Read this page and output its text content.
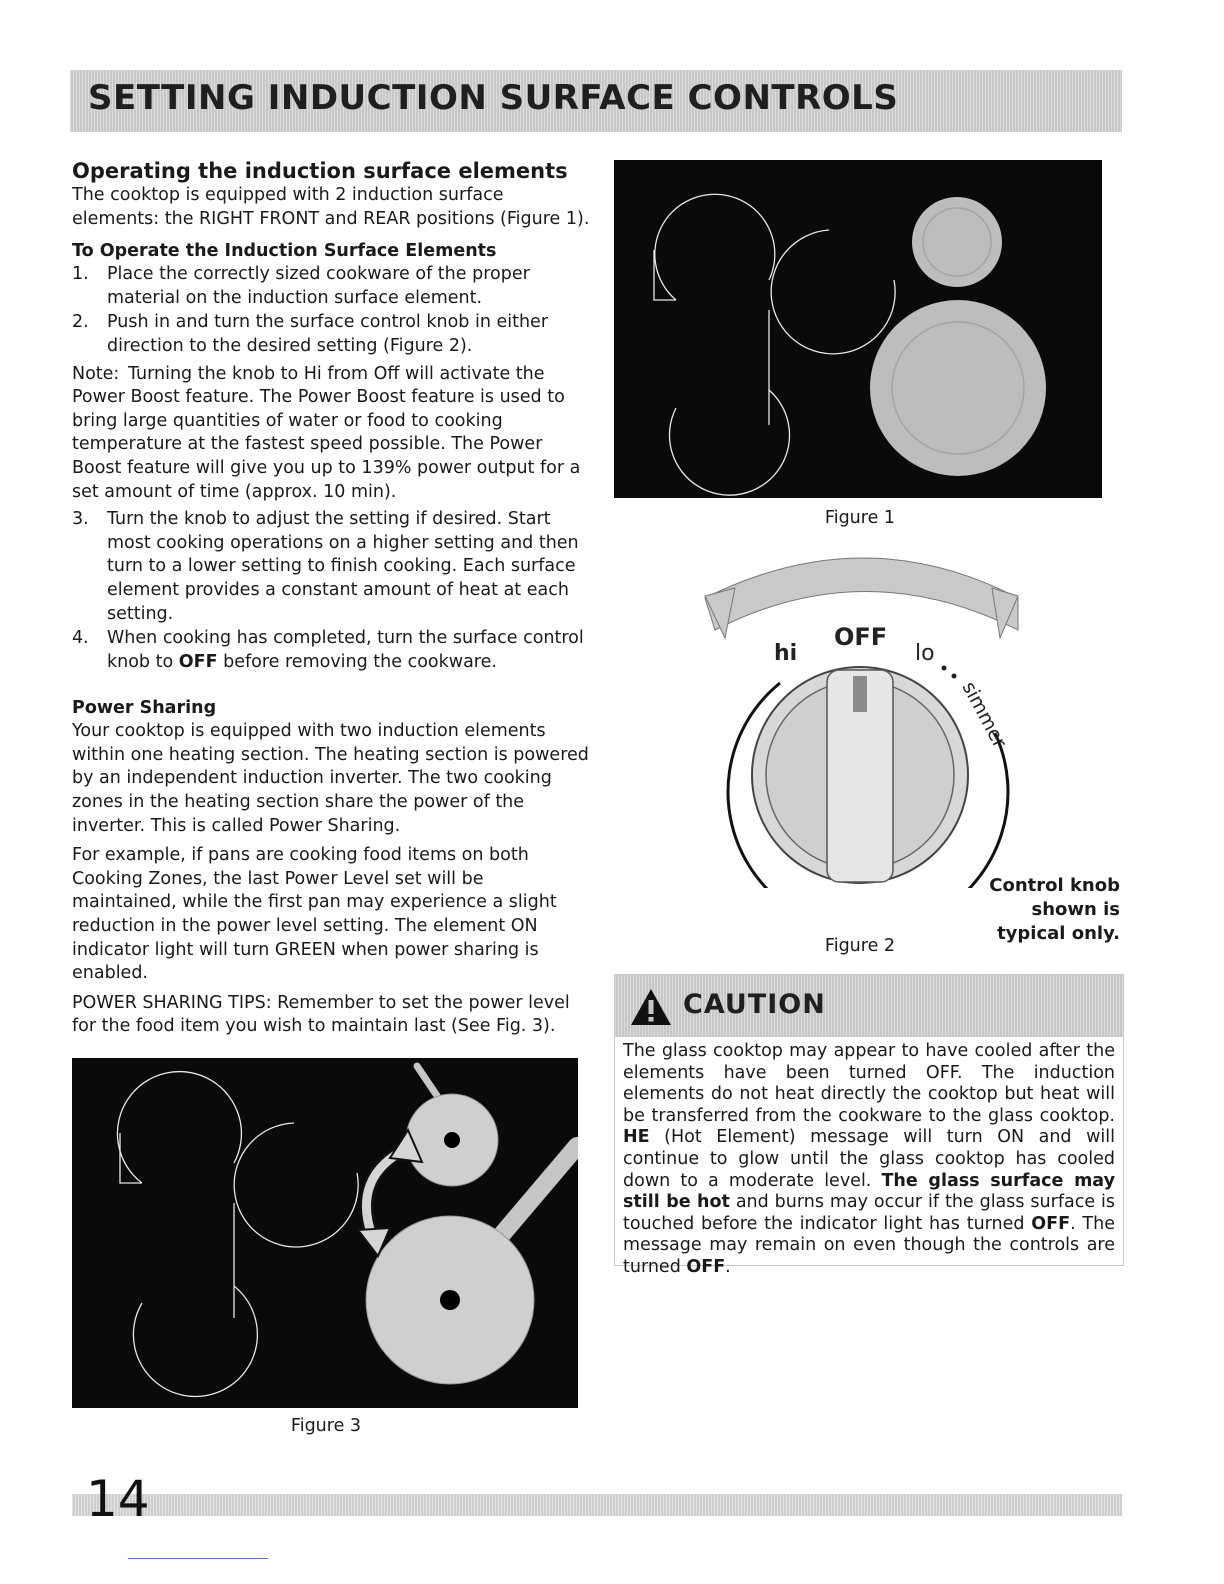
SETTING INDUCTION SURFACE CONTROLS
Operating the induction surface elements

The cooktop is equipped with 2 induction surface elements: the RIGHT FRONT and REAR positions (Figure 1).

To Operate the Induction Surface Elements
1. Place the correctly sized cookware of the proper material on the induction surface element.
2. Push in and turn the surface control knob in either direction to the desired setting (Figure 2).
Note: Turning the knob to Hi from Off will activate the Power Boost feature. The Power Boost feature is used to bring large quantities of water or food to cooking temperature at the fastest speed possible. The Power Boost feature will give you up to 139% power output for a set amount of time (approx. 10 min).
3. Turn the knob to adjust the setting if desired. Start most cooking operations on a higher setting and then turn to a lower setting to finish cooking. Each surface element provides a constant amount of heat at each setting.
4. When cooking has completed, turn the surface control knob to OFF before removing the cookware.
Power Sharing

Your cooktop is equipped with two induction elements within one heating section. The heating section is powered by an independent induction inverter. The two cooking zones in the heating section share the power of the inverter. This is called Power Sharing.

For example, if pans are cooking food items on both Cooking Zones, the last Power Level set will be maintained, while the first pan may experience a slight reduction in the power level setting. The element ON indicator light will turn GREEN when power sharing is enabled.

POWER SHARING TIPS: Remember to set the power level for the food item you wish to maintain last (See Fig. 3).

Figure 1
hi
OFF
lo
simmer
Figure 2
Control knob
shown is
typical only.
CAUTION
The glass cooktop may appear to have cooled after the elements have been turned OFF. The induction elements do not heat directly the cooktop but heat will be transferred from the cookware to the glass cooktop. HE (Hot Element) message will turn ON and will continue to glow until the glass cooktop has cooled down to a moderate level. The glass surface may still be hot and burns may occur if the glass surface is touched before the indicator light has turned OFF. The message may remain on even though the controls are turned OFF.
Figure 3
14
